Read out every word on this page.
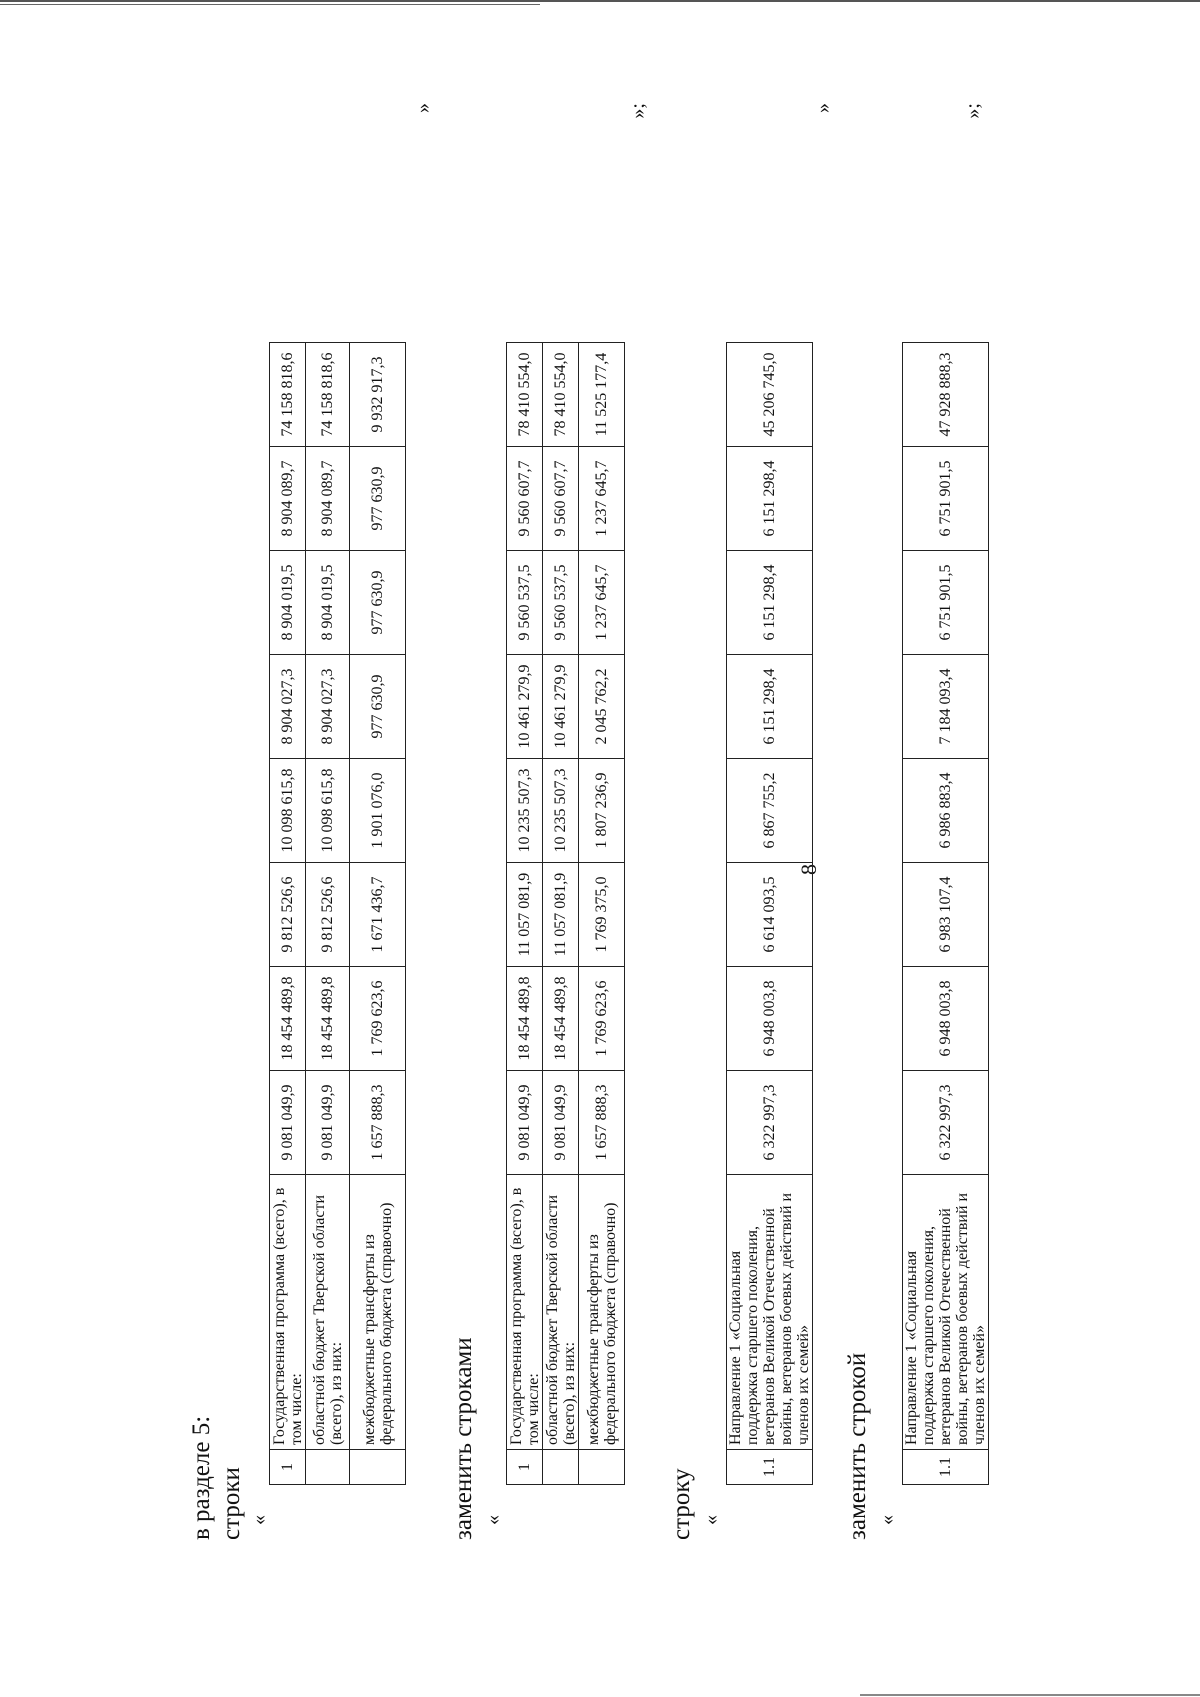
8

в разделе 5: строки «
1	Государственная программа (всего), в том числе:	9 081 049,9	18 454 489,8	9 812 526,6	10 098 615,8	8 904 027,3	8 904 019,5	8 904 089,7	74 158 818,6
	областной бюджет Тверской области (всего), из них:	9 081 049,9	18 454 489,8	9 812 526,6	10 098 615,8	8 904 027,3	8 904 019,5	8 904 089,7	74 158 818,6
	межбюджетные трансферты из федерального бюджета (справочно)	1 657 888,3	1 769 623,6	1 671 436,7	1 901 076,0	977 630,9	977 630,9	977 630,9	9 932 917,3
»

заменить строками «
1	Государственная программа (всего), в том числе:	9 081 049,9	18 454 489,8	11 057 081,9	10 235 507,3	10 461 279,9	9 560 537,5	9 560 607,7	78 410 554,0
	областной бюджет Тверской области (всего), из них:	9 081 049,9	18 454 489,8	11 057 081,9	10 235 507,3	10 461 279,9	9 560 537,5	9 560 607,7	78 410 554,0
	межбюджетные трансферты из федерального бюджета (справочно)	1 657 888,3	1 769 623,6	1 769 375,0	1 807 236,9	2 045 762,2	1 237 645,7	1 237 645,7	11 525 177,4
»;

строку «
1.1	Направление 1 «Социальная поддержка старшего поколения, ветеранов Великой Отечественной войны, ветеранов боевых действий и членов их семей»	6 322 997,3	6 948 003,8	6 614 093,5	6 867 755,2	6 151 298,4	6 151 298,4	6 151 298,4	45 206 745,0
»

заменить строкой «
1.1	Направление 1 «Социальная поддержка старшего поколения, ветеранов Великой Отечественной войны, ветеранов боевых действий и членов их семей»	6 322 997,3	6 948 003,8	6 983 107,4	6 986 883,4	7 184 093,4	6 751 901,5	6 751 901,5	47 928 888,3
»;
